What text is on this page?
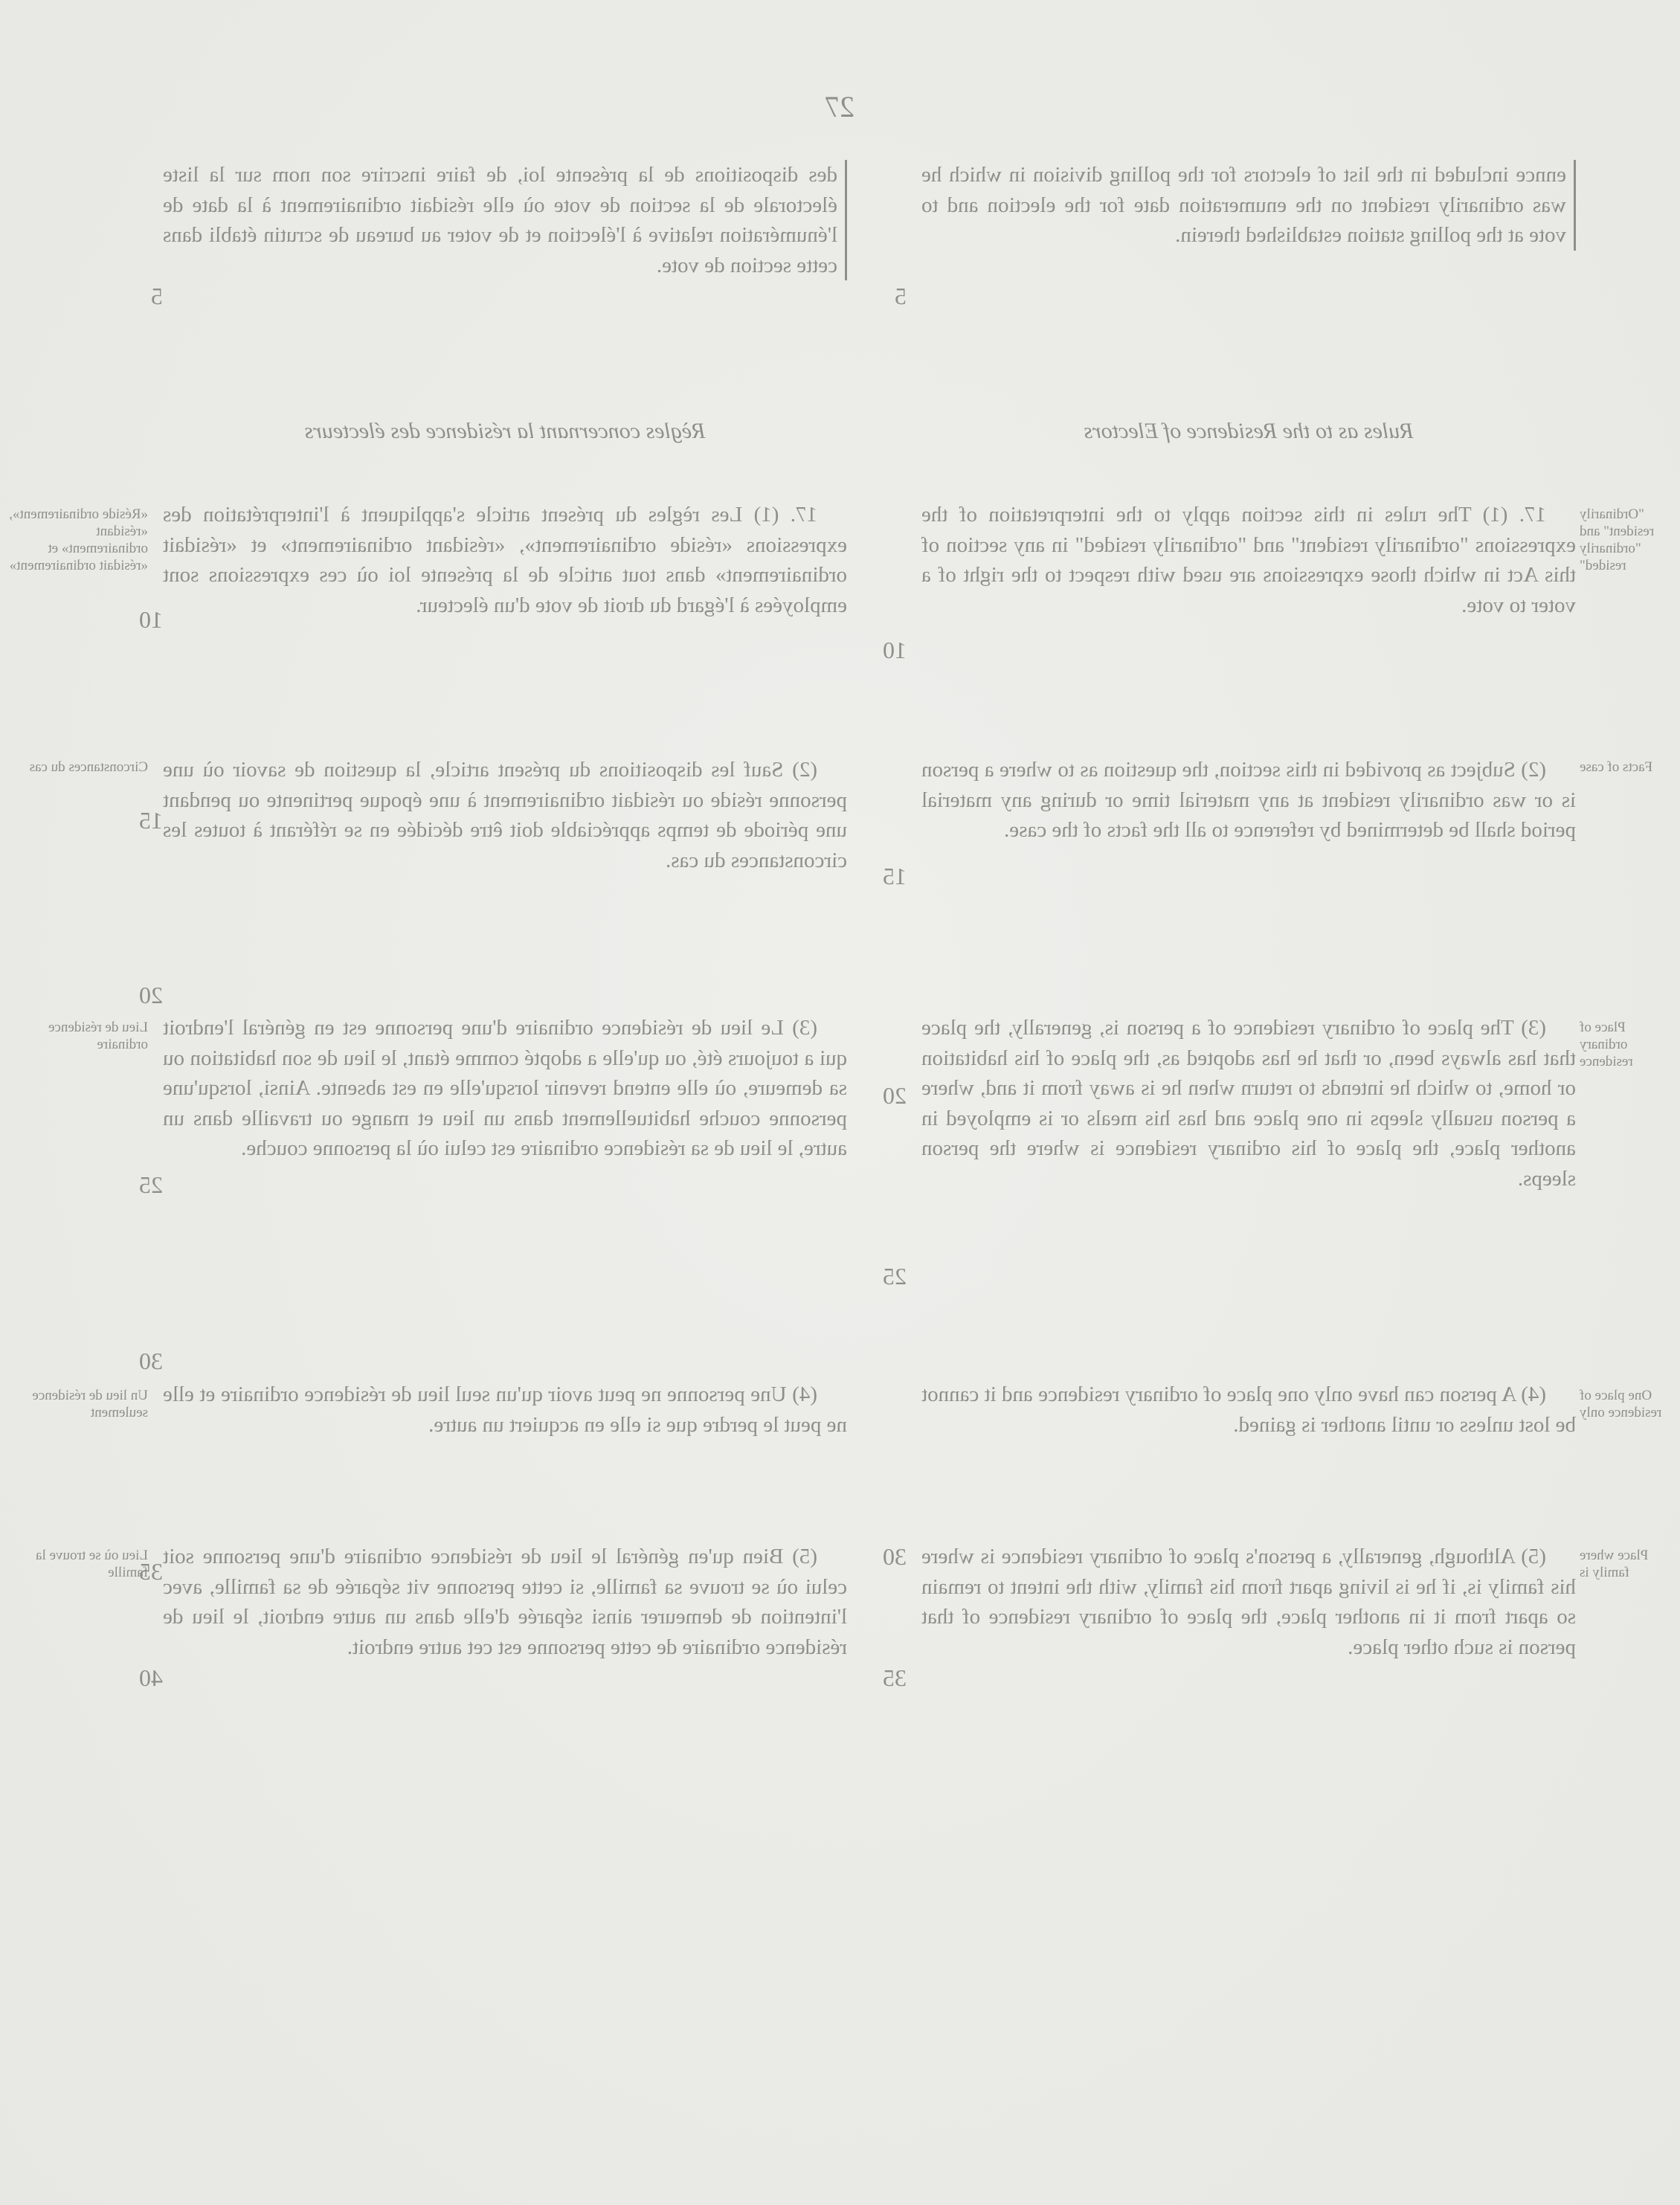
27

ennce included in the list of electors for the polling division in which he was ordinarily resident on the enumeration date for the election and to vote at the polling station established therein.

Rules as to the Residence of Electors

17. (1) The rules in this section apply to the interpretation of the expressions "ordinarily resident" and "ordinarily resided" in any section of this Act in which those expressions are used with respect to the right of a voter to vote.

(2) Subject as provided in this section, the question as to where a person is or was ordinarily resident at any material time or during any material period shall be determined by reference to all the facts of the case.

(3) The place of ordinary residence of a person is, generally, the place that has always been, or that he has adopted as, the place of his habitation or home, to which he intends to return when he is away from it and, where a person usually sleeps in one place and has his meals or is employed in another place, the place of his ordinary residence is where the person sleeps.

(4) A person can have only one place of ordinary residence and it cannot be lost unless or until another is gained.

(5) Although, generally, a person's place of ordinary residence is where his family is, if he is living apart from his family, with the intent to remain so apart from it in another place, the place of ordinary residence of that person is such other place.

des dispositions de la présente loi, de faire inscrire son nom sur la liste électorale de la section de vote où elle résidait ordinairement à la date de l'énumération relative à l'élection et de voter au bureau de scrutin établi dans cette section de vote.

Règles concernant la résidence des électeurs

17. (1) Les règles du présent article s'appliquent à l'interprétation des expressions «réside ordinairement», «résidant ordinairement» et «résidait ordinairement» dans tout article de la présente loi où ces expressions sont employées à l'égard du droit de vote d'un électeur.

(2) Sauf les dispositions du présent article, la question de savoir où une personne réside ou résidait ordinairement à une époque pertinente ou pendant une période de temps appréciable doit être décidée en se référant à toutes les circonstances du cas.

(3) Le lieu de résidence ordinaire d'une personne est en général l'endroit qui a toujours été, ou qu'elle a adopté comme étant, le lieu de son habitation ou sa demeure, où elle entend revenir lorsqu'elle en est absente. Ainsi, lorsqu'une personne couche habituellement dans un lieu et mange ou travaille dans un autre, le lieu de sa résidence ordinaire est celui où la personne couche.

(4) Une personne ne peut avoir qu'un seul lieu de résidence ordinaire et elle ne peut le perdre que si elle en acquiert un autre.

(5) Bien qu'en général le lieu de résidence ordinaire d'une personne soit celui où se trouve sa famille, si cette personne vit séparée de sa famille, avec l'intention de demeurer ainsi séparée d'elle dans un autre endroit, le lieu de résidence ordinaire de cette personne est cet autre endroit.

"Ordinarily resident" and "ordinarily resided"
Facts of case
Place of ordinary residence
One place of residence only
Place where family is
«Réside ordinairement», «résidant ordinairement» et «résidait ordinairement»
Circonstances du cas
Lieu de résidence ordinaire
Un lieu de résidence seulement
Lieu où se trouve la famille
5
10
15
20
25
30
35
5
10
15
20
25
30
35
40
